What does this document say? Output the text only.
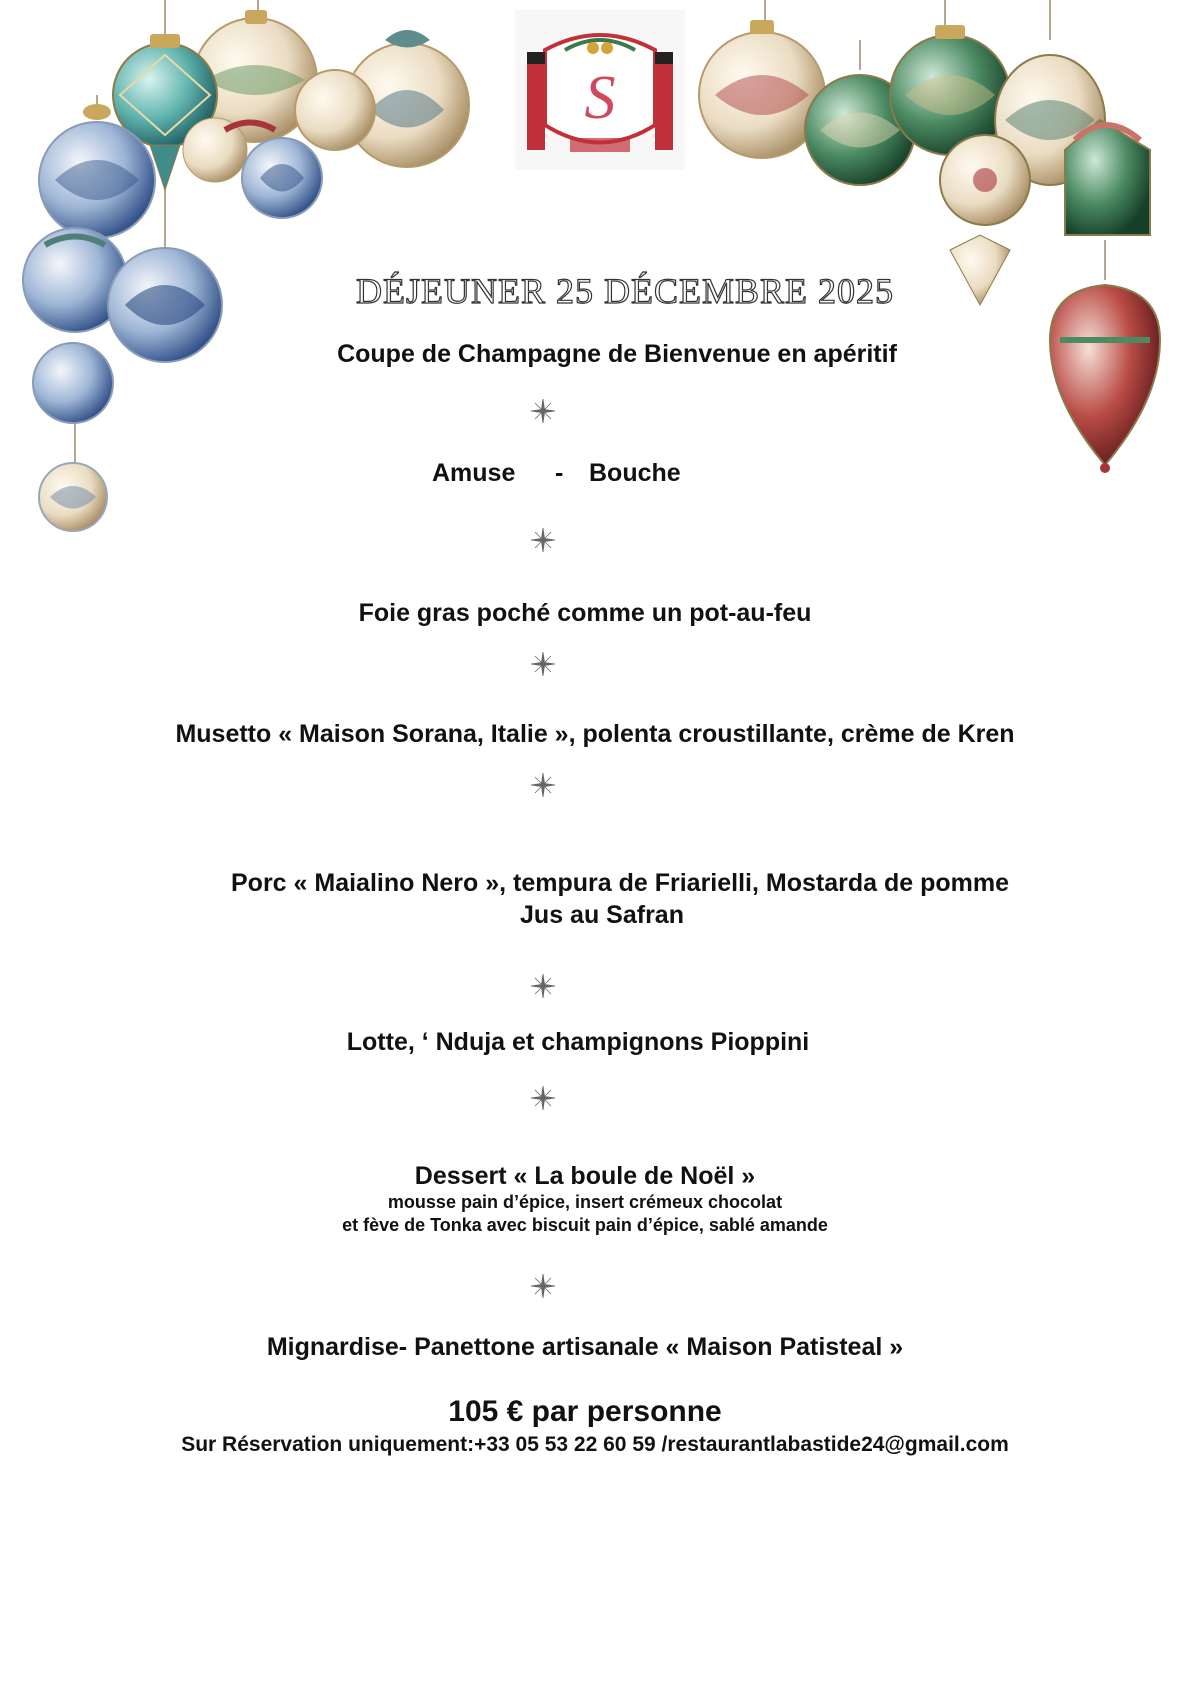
S
DÉJEUNER 25 DÉCEMBRE 2025
Coupe de Champagne de Bienvenue en apéritif
Amuse - Bouche
Foie gras poché comme un pot-au-feu
Musetto « Maison Sorana, Italie », polenta croustillante, crème de Kren
Porc « Maialino Nero », tempura de Friarielli, Mostarda de pomme
Jus au Safran
Lotte, ‘ Nduja et champignons Pioppini
Dessert « La boule de Noël »
mousse pain d’épice, insert crémeux chocolat
et fève de Tonka avec biscuit pain d’épice, sablé amande
Mignardise- Panettone artisanale « Maison Patisteal »
105 € par personne
Sur Réservation uniquement:+33 05 53 22 60 59 /restaurantlabastide24@gmail.com
